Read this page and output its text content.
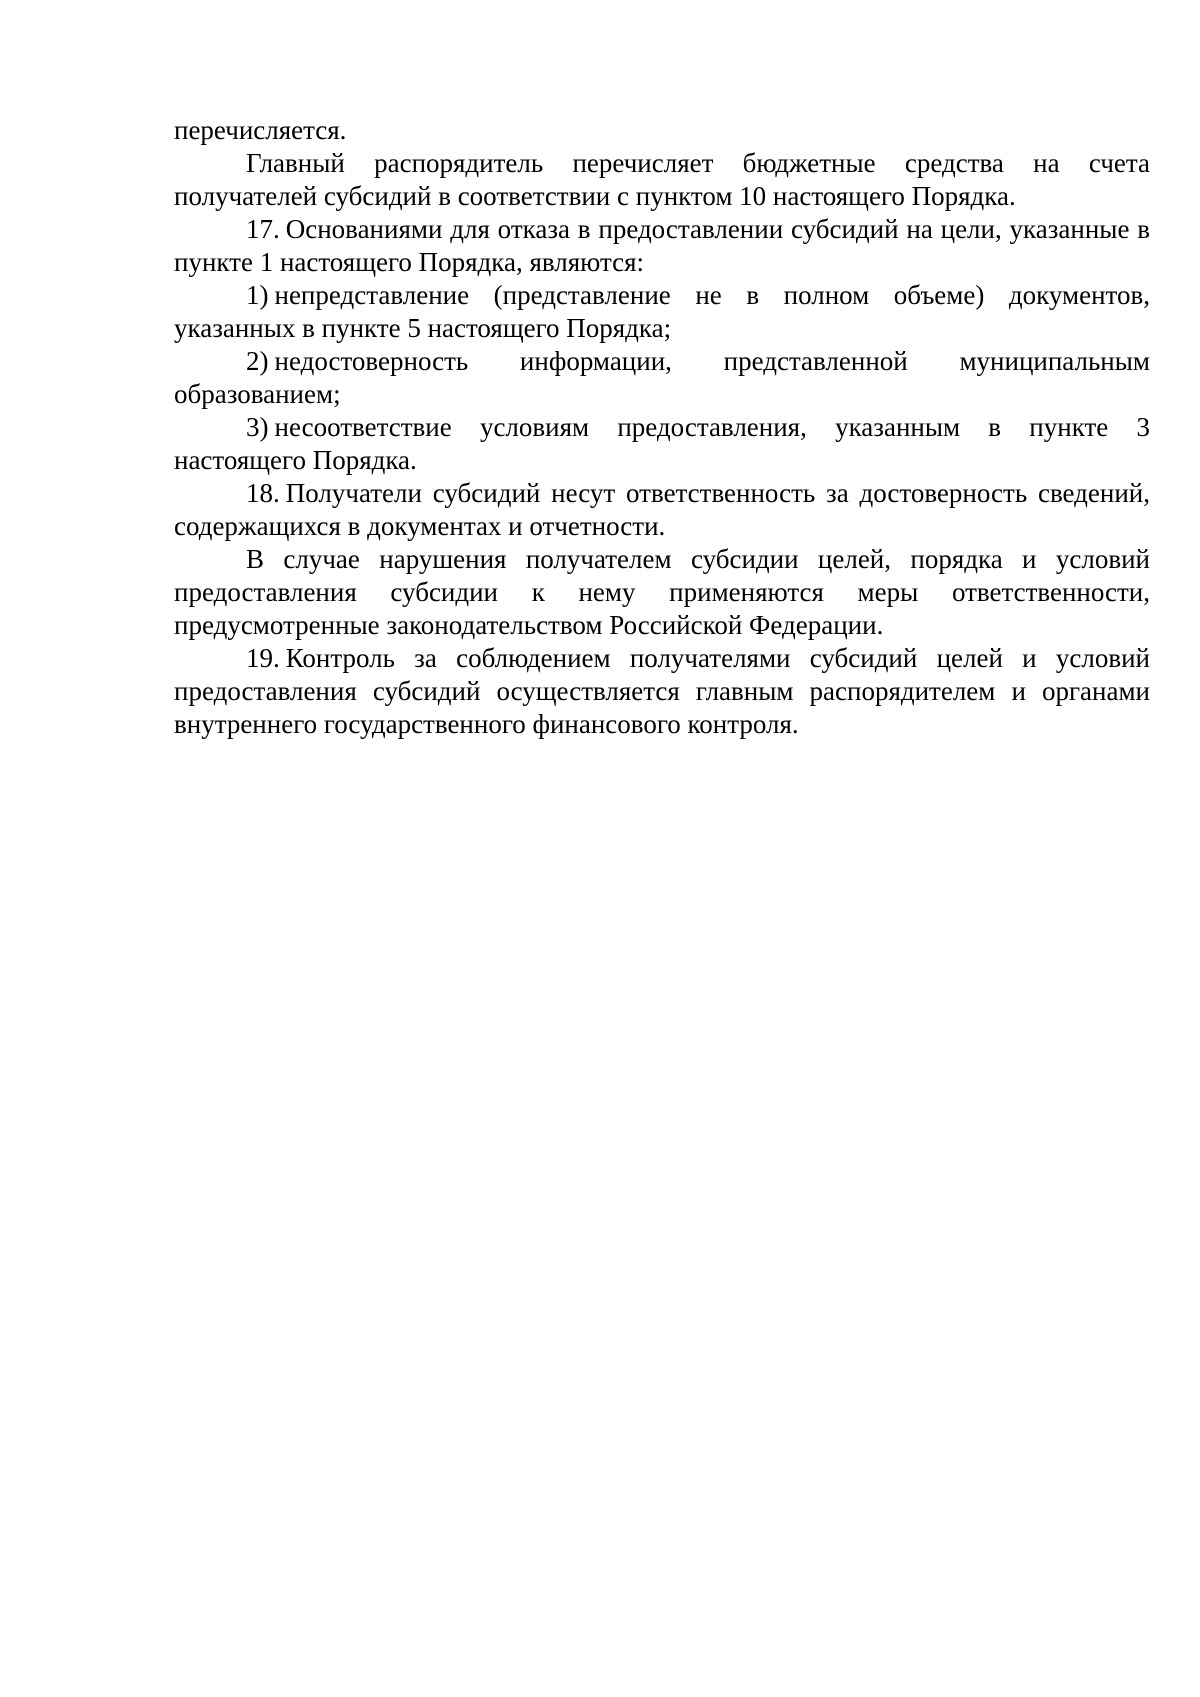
перечисляется.

Главный распорядитель перечисляет бюджетные средства на счета получателей субсидий в соответствии с пунктом 10 настоящего Порядка.

17. Основаниями для отказа в предоставлении субсидий на цели, указанные в пункте 1 настоящего Порядка, являются:

1) непредставление (представление не в полном объеме) документов, указанных в пункте 5 настоящего Порядка;

2) недостоверность информации, представленной муниципальным образованием;

3) несоответствие условиям предоставления, указанным в пункте 3 настоящего Порядка.

18. Получатели субсидий несут ответственность за достоверность сведений, содержащихся в документах и отчетности.

В случае нарушения получателем субсидии целей, порядка и условий предоставления субсидии к нему применяются меры ответственности, предусмотренные законодательством Российской Федерации.

19. Контроль за соблюдением получателями субсидий целей и условий предоставления субсидий осуществляется главным распорядителем и органами внутреннего государственного финансового контроля.
